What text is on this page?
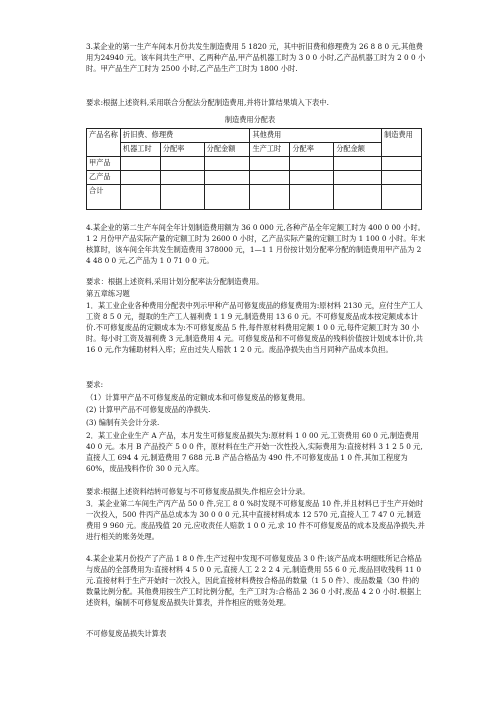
3.某企业的第一生产车间本月份共发生制造费用 5 1820 元，其中折旧费和修理费为 26 8 8 0 元,其他费用为24940 元。该车间共生产甲、乙两种产品,甲产品机器工时为 3 0 0 小时,乙产品机器工时为 2 0 0 小时。甲产品生产工时为 2500 小时,乙产品生产工时为 1800 小时.
要求:根据上述资料,采用联合分配法分配制造费用,并将计算结果填入下表中.
制造费用分配表
产品名称	折旧费、修理费			其他费用			制造费用
	机器工时	分配率	分配金额	生产工时	分配率	分配金额	
甲产品							
乙产品							
合计							
4.某企业的第二生产车间全年计划制造费用额为 36 0 000 元,各种产品全年定额工时为 400 0 00 小时。1 2 月份甲产品实际产量的定额工时为 2600 0 小时，乙产品实际产量的定额工时为 1 100 0 小时。年末核算时，该车间全年共发生制造费用 378000 元，1—1 1 月份按计划分配率分配的制造费用甲产品为 2 4 48 0 0 元,乙产品为 1 0 71 0 0 元。
要求：根据上述资料,采用计划分配率法分配制造费用。
第五章练习题
1．某工业企业各种费用分配表中列示甲种产品可修复废品的修复费用为:原材料 2130 元，应付生产工人工资 8 5 0 元，提取的生产工人福利费 1 1 9 元,制造费用 13 6 0 元。不可修复废品成本按定额成本计价.不可修复废品的定额成本为:不可修复废品 5 件,每件原材料费用定额 1 0 0 元,每件定额工时为 30 小时。每小时工资及福利费 3 元,制造费用 4 元。可修复废品和不可修复废品的残料价值按计划成本计价,共16 0 元,作为辅助材料入库；应由过失人赔款 1 2 0 元。废品净损失由当月同种产品成本负担。
要求:
（1）计算甲产品不可修复废品的定额成本和可修复废品的修复费用。
(2) 计算甲产品不可修复废品的净损失.
(3) 编制有关会计分录.
2．某工业企业生产 A 产品，本月发生可修复废品损失为:原材料 1 0 00 元,工资费用 60 0 元,制造费用 40 0 元。本月 B 产品投产 5 0 0 件，原材料在生产开始一次性投入,实际费用为:直接材料 3 1 2 5 0 元,直接人工 694 4 元,制造费用 7 688 元.B 产品合格品为 490 件,不可修复废品 1 0 件,其加工程度为 60%，废品残料作价 30 0 元入库。
要求:根据上述资料结转可修复与不可修复废品损失,作相应会计分录。
3．某企业第二车间生产丙产品 50 0 件,完工 8 0 %时发现不可修复废品 10 件,并且材料已于生产开始时一次投入，500 件丙产品总成本为 30 0 0 0 元,其中直接材料成本 12 570 元,直接人工 7 47 0 元,制造费用 9 960 元。废品残值 20 元,应收责任人赔款 1 0 0 元,求 10 件不可修复废品的成本及废品净损失,并进行相关的账务处理。
4.某企业某月份投产了产品 1 8 0 件,生产过程中发现不可修复废品 3 0 件;该产品成本明细账所记合格品与废品的全部费用为:直接材料 4 5 0 0 元,直接人工 2 2 2 4 元,制造费用 55 6 0 元.废品回收残料 11 0 元.直接材料于生产开始时一次投入，因此直接材料费按合格品的数量（1 5 0 件）、废品数量（30 件)的数量比例分配。其他费用按生产工时比例分配，生产工时为:合格品 2 36 0 小时,废品 4 2 0 小时.根据上述资料，编制不可修复废品损失计算表，并作相应的账务处理。
不可修复废品损失计算表
